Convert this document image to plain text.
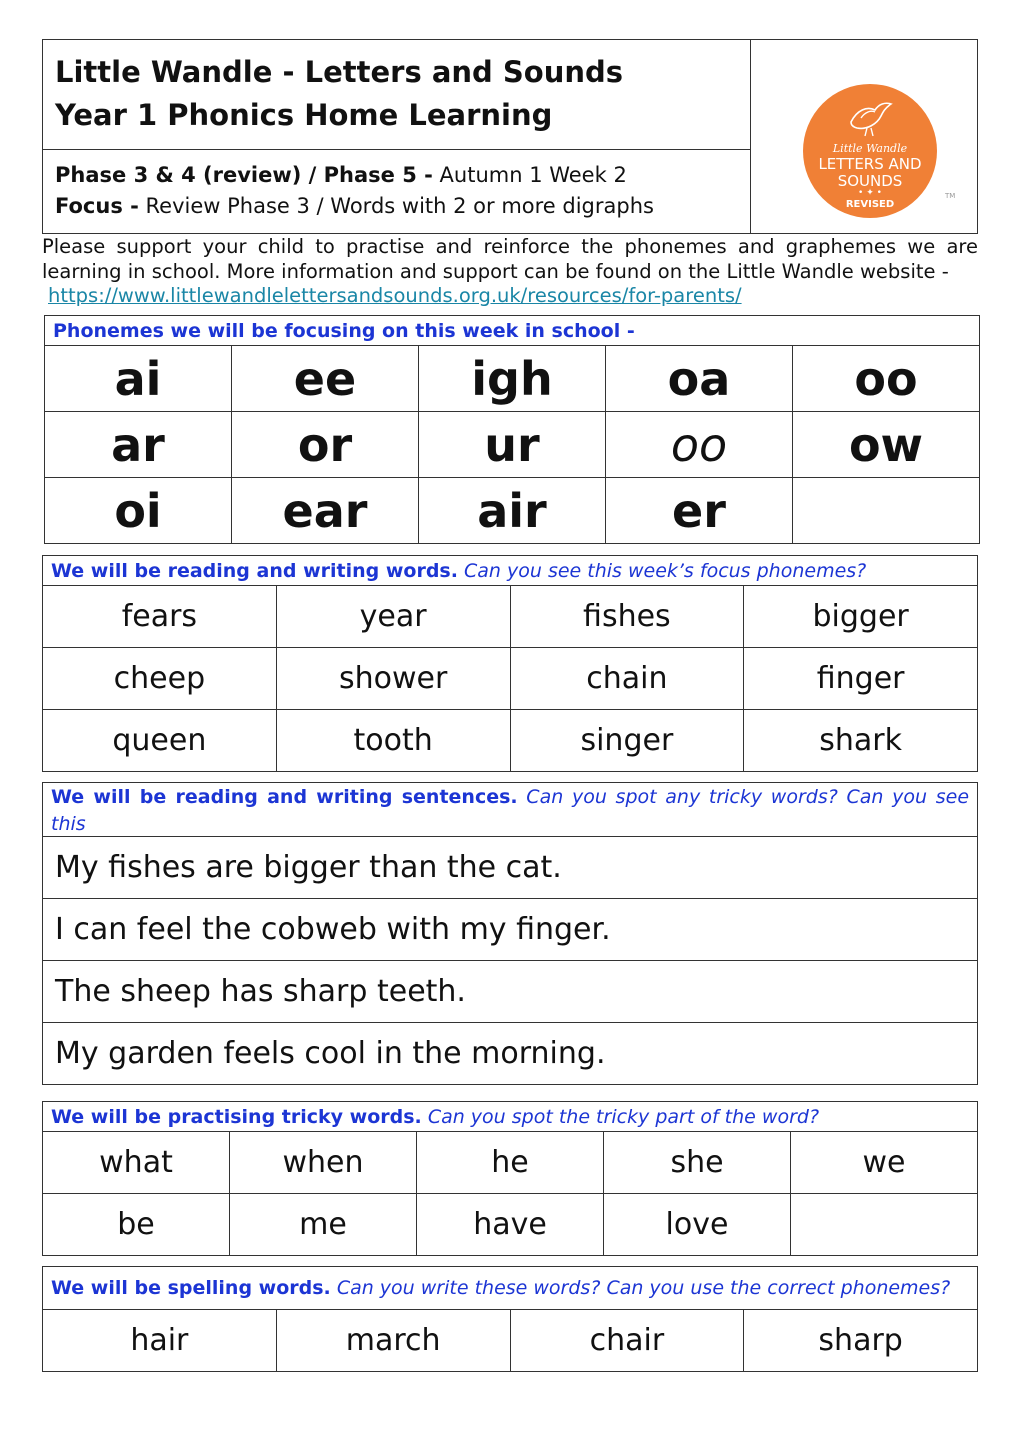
Little Wandle - Letters and Sounds
Year 1 Phonics Home Learning
Phase 3 & 4 (review) / Phase 5 - Autumn 1 Week 2
Focus - Review Phase 3 / Words with 2 or more digraphs
Little Wandle
LETTERS AND
SOUNDS
• ✦ •
REVISED
TM
Please support your child to practise and reinforce the phonemes and graphemes we are learning in school. More information and support can be found on the Little Wandle website -
https://www.littlewandlelettersandsounds.org.uk/resources/for-parents/
Phonemes we will be focusing on this week in school -
ai	ee	igh	oa	oo
ar	or	ur	oo	ow
oi	ear	air	er	
We will be reading and writing words. Can you see this week’s focus phonemes?
fears	year	fishes	bigger
cheep	shower	chain	finger
queen	tooth	singer	shark
We will be reading and writing sentences. Can you spot any tricky words? Can you see this
My fishes are bigger than the cat.
I can feel the cobweb with my finger.
The sheep has sharp teeth.
My garden feels cool in the morning.
We will be practising tricky words. Can you spot the tricky part of the word?
what	when	he	she	we
be	me	have	love	
We will be spelling words. Can you write these words? Can you use the correct phonemes?
hair	march	chair	sharp
